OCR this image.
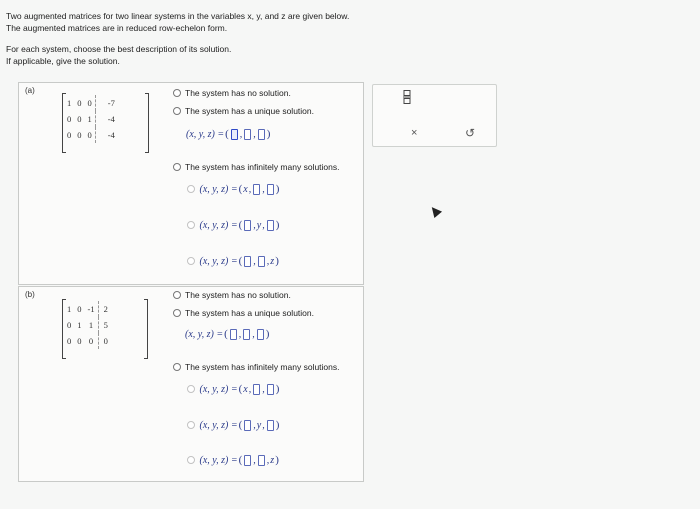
Two augmented matrices for two linear systems in the variables x, y, and z are given below.
The augmented matrices are in reduced row-echelon form.
For each system, choose the best description of its solution.
If applicable, give the solution.
(a)
1	0	0	-7
0	0	1	-4
0	0	0	-4
The system has no solution.
The system has a unique solution.
(x, y, z) = ( ,
, )
The system has infinitely many solutions.

(x, y, z) = ( x ,
, )

(x, y, z) = ( , y , )

(x, y, z) = ( ,
, z )
(b)
1	0	-1	2
0	1	1	5
0	0	0	0
The system has no solution.
The system has a unique solution.
(x, y, z) = ( ,
, )
The system has infinitely many solutions.

(x, y, z) = ( x ,
, )

(x, y, z) = ( , y , )

(x, y, z) = ( ,
, z )
×	↺
